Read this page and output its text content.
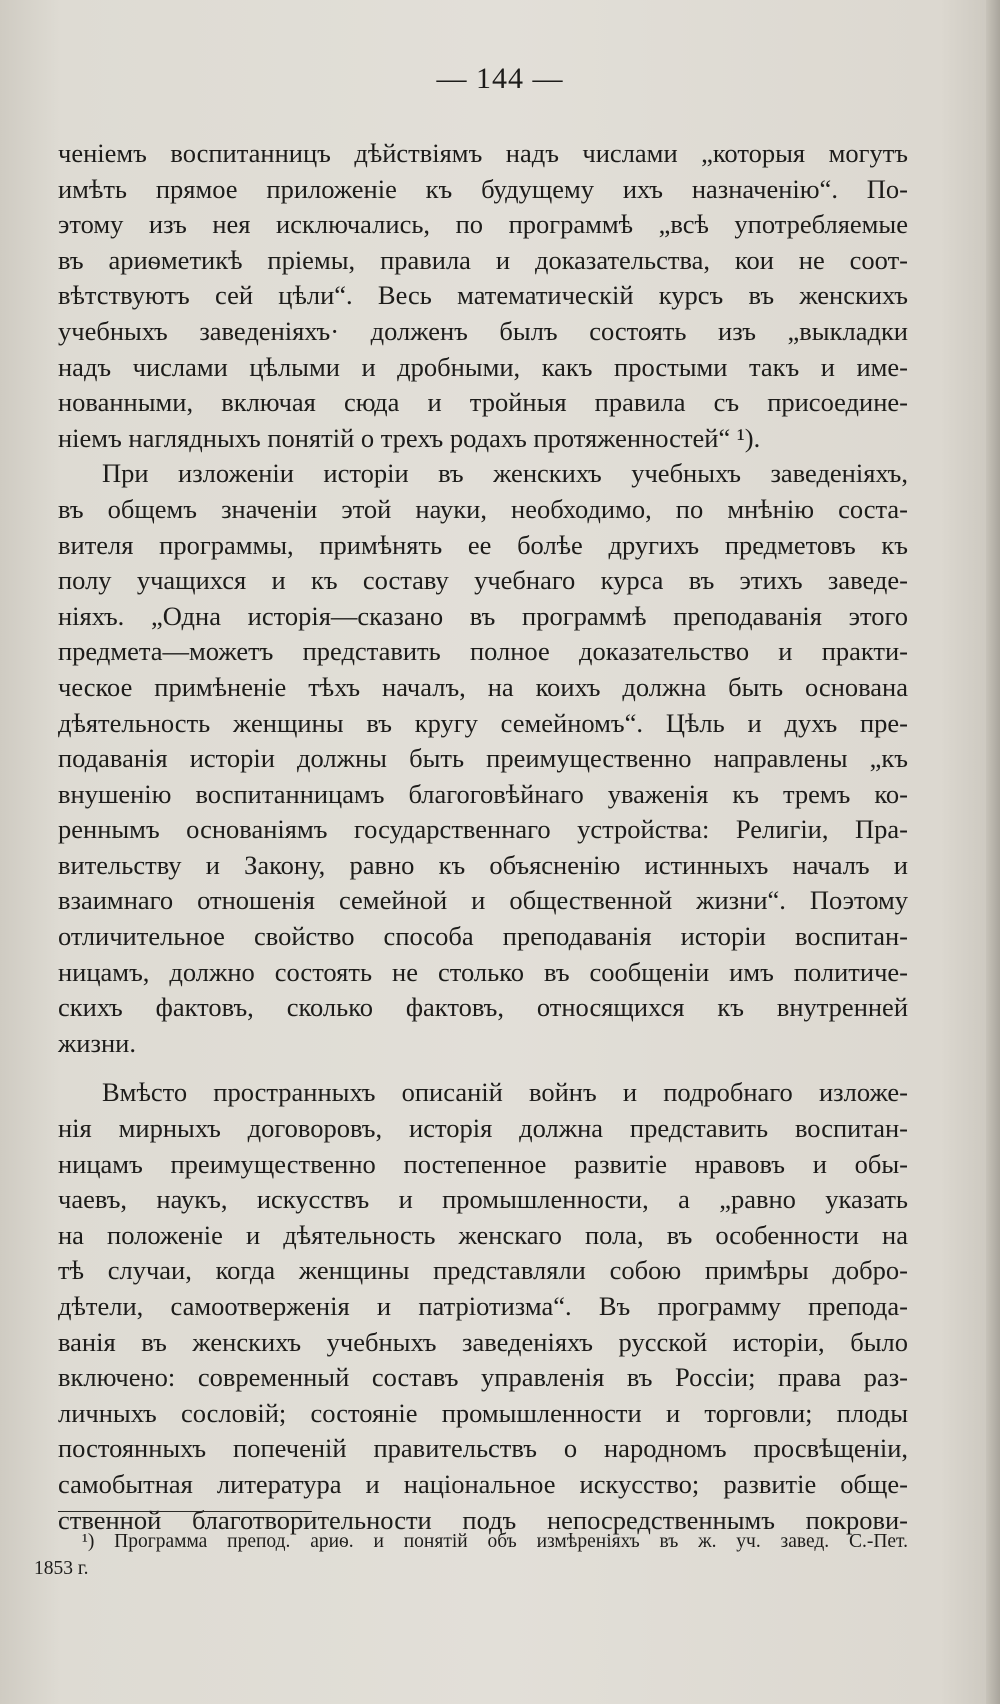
— 144 —
ченіемъ воспитанницъ дѣйствіямъ надъ числами „которыя могутъ
имѣть прямое приложеніе къ будущему ихъ назначенію“. По-
этому изъ нея исключались, по программѣ „всѣ употребляемые
въ ариѳметикѣ пріемы, правила и доказательства, кои не соот-
вѣтствуютъ сей цѣли“. Весь математическій курсъ въ женскихъ
учебныхъ заведеніяхъ· долженъ былъ состоять изъ „выкладки
надъ числами цѣлыми и дробными, какъ простыми такъ и име-
нованными, включая сюда и тройныя правила съ присоедине-
ніемъ наглядныхъ понятій о трехъ родахъ протяженностей“ ¹).
При изложеніи исторіи въ женскихъ учебныхъ заведеніяхъ,
въ общемъ значеніи этой науки, необходимо, по мнѣнію соста-
вителя программы, примѣнять ее болѣе другихъ предметовъ къ
полу учащихся и къ составу учебнаго курса въ этихъ заведе-
ніяхъ. „Одна исторія—сказано въ программѣ преподаванія этого
предмета—можетъ представить полное доказательство и практи-
ческое примѣненіе тѣхъ началъ, на коихъ должна быть основана
дѣятельность женщины въ кругу семейномъ“. Цѣль и духъ пре-
подаванія исторіи должны быть преимущественно направлены „къ
внушенію воспитанницамъ благоговѣйнаго уваженія къ тремъ ко-
реннымъ основаніямъ государственнаго устройства: Религіи, Пра-
вительству и Закону, равно къ объясненію истинныхъ началъ и
взаимнаго отношенія семейной и общественной жизни“. Поэтому
отличительное свойство способа преподаванія исторіи воспитан-
ницамъ, должно состоять не столько въ сообщеніи имъ политиче-
скихъ фактовъ, сколько фактовъ, относящихся къ внутренней
жизни.
Вмѣсто пространныхъ описаній войнъ и подробнаго изложе-
нія мирныхъ договоровъ, исторія должна представить воспитан-
ницамъ преимущественно постепенное развитіе нравовъ и обы-
чаевъ, наукъ, искусствъ и промышленности, а „равно указать
на положеніе и дѣятельность женскаго пола, въ особенности на
тѣ случаи, когда женщины представляли собою примѣры добро-
дѣтели, самоотверженія и патріотизма“. Въ программу препода-
ванія въ женскихъ учебныхъ заведеніяхъ русской исторіи, было
включено: современный составъ управленія въ Россіи; права раз-
личныхъ сословій; состояніе промышленности и торговли; плоды
постоянныхъ попеченій правительствъ о народномъ просвѣщеніи,
самобытная литература и національное искусство; развитіе обще-
ственной благотворительности подъ непосредственнымъ покрови-
¹) Программа препод. ариѳ. и понятій объ измѣреніяхъ въ ж. уч. завед. С.-Пет.
1853 г.
